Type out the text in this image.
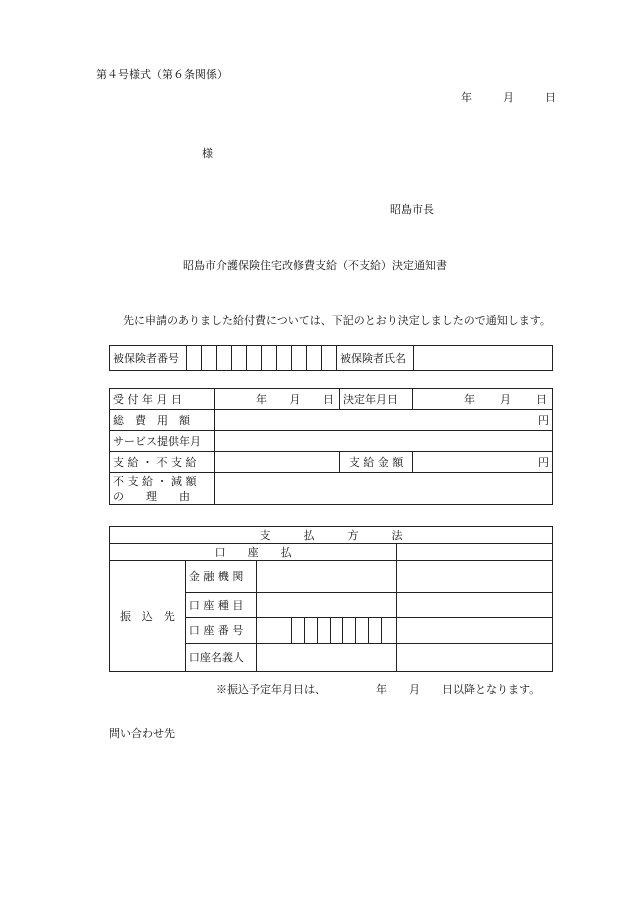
第４号様式（第６条関係）
年	月	日
様
昭島市長
昭島市介護保険住宅改修費支給（不支給）決定通知書
先に申請のありました給付費については、下記のとおり決定しましたので通知します。
被保険者番号											被保険者氏名	
受 付 年 月 日	年 月 日	決定年月日	年 月 日

総　費　用　額	円		
サービス提供年月			
支 給 ・ 不 支 給		支 給 金 額	円

不 支 給 ・ 減 額
の　　理　　由			

支　　　払　　　方　　　法			
口　　座　　払			
振　込　先	金 融 機 関		
	口 座 種 目		
	口 座 番 号	

	口座名義人		
※振込予定年月日は、	年 月 日以降となります。
問い合わせ先
